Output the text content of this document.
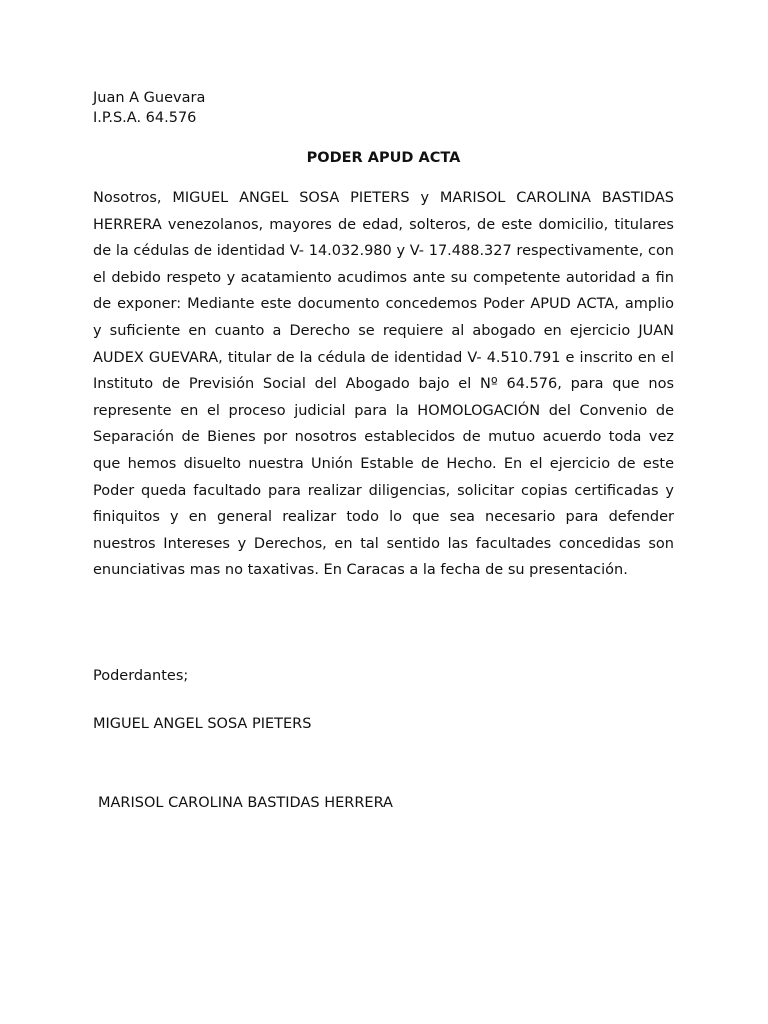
Juan A Guevara
I.P.S.A. 64.576
PODER APUD ACTA

Nosotros, MIGUEL ANGEL SOSA PIETERS y MARISOL CAROLINA BASTIDAS HERRERA venezolanos, mayores de edad, solteros, de este domicilio, titulares de la cédulas de identidad V- 14.032.980 y V- 17.488.327 respectivamente, con el debido respeto y acatamiento acudimos ante su competente autoridad a fin de exponer: Mediante este documento concedemos Poder APUD ACTA, amplio y suficiente en cuanto a Derecho se requiere al abogado en ejercicio JUAN AUDEX GUEVARA, titular de la cédula de identidad V- 4.510.791 e inscrito en el Instituto de Previsión Social del Abogado bajo el Nº 64.576, para que nos represente en el proceso judicial para la HOMOLOGACIÓN del Convenio de Separación de Bienes por nosotros establecidos de mutuo acuerdo toda vez que hemos disuelto nuestra Unión Estable de Hecho. En el ejercicio de este Poder queda facultado para realizar diligencias, solicitar copias certificadas y finiquitos y en general realizar todo lo que sea necesario para defender nuestros Intereses y Derechos, en tal sentido las facultades concedidas son enunciativas mas no taxativas. En Caracas a la fecha de su presentación.

Poderdantes;
MIGUEL ANGEL SOSA PIETERS
MARISOL CAROLINA BASTIDAS HERRERA
